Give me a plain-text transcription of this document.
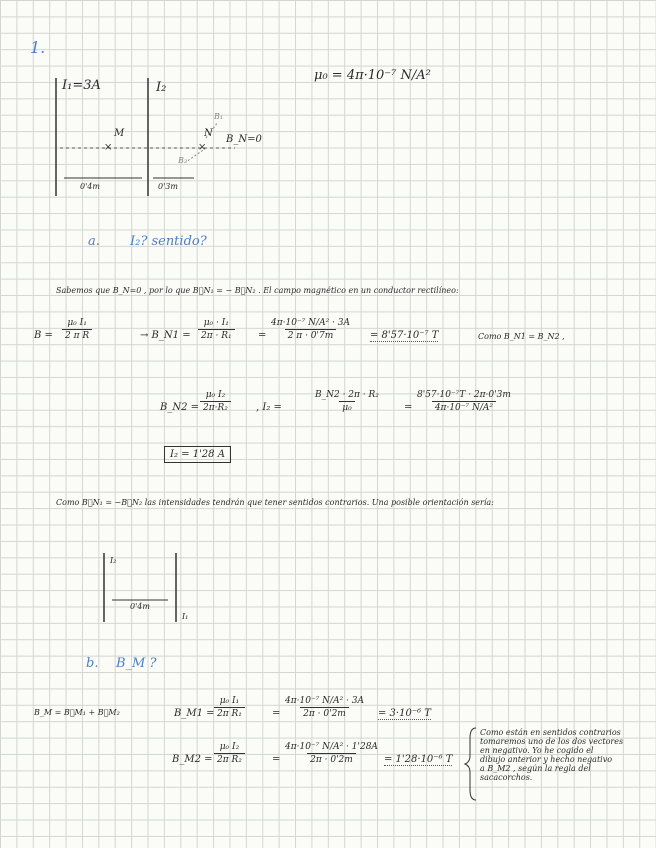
1.
I₁=3A	I₂
M
×
N
×
B₁
B₂
B_N=0
0'4m	0'3m
μ₀ = 4π·10⁻⁷ N/A²
a. I₂? sentido?
Sabemos que B_N=0 , por lo que B⃗N₁ = − B⃗N₂ . El campo magnético en un conductor rectilíneo:
$B = \frac{\text{μ₀ I₁}}{\text{2 π R}}$	→ B_N1 = $\frac{\text{μ₀ · I₁}}{\text{2π · R₁}} = \frac{\text{4π·10⁻⁷ N/A² · 3A}}{2 \pi \cdot 0'7m} = 8'57\cdot 10^{-7}$ T	Como B_N1 = B_N2 ,
B_N2 = $\frac{\text{μ₀ I₂}}{\text{2π·R₂}}$	, I₂ =	$\frac{\text{B\_N2 · 2π · R₂}}{\text{μ₀}} = \frac{\text{8'57·10⁻⁷T · 2π·0'3m}}{\text{4π·10⁻⁷ N/A²}}$
I₂ = 1'28 A
Como B⃗N₁ = −B⃗N₂ las intensidades tendrán que tener sentidos contrarios. Una posible orientación sería:
I₂
0'4m
I₁
b. B_M ?
B_M = B⃗M₁ + B⃗M₂	B_M1 = $\frac{\text{μ₀ I₁}}{\text{2π R₁}}$	= $\frac{\text{4π·10⁻⁷ N/A² · 3A}}{2\pi \cdot 0'2m} = 3\cdot 10^{-6}$ T
B_M2 = $\frac{\text{μ₀ I₂}}{\text{2π R₂}}$	= $\frac{\text{4π·10⁻⁷ N/A² · 1'28A}}{2\pi \cdot 0'2m} = 1'28\cdot 10^{-6}$ T
Como están en sentidos contrarios
tomaremos uno de los dos vectores
en negativo. Yo he cogido el
dibujo anterior y hecho negativo
a B_M2 , según la regla del
sacacorchos.
